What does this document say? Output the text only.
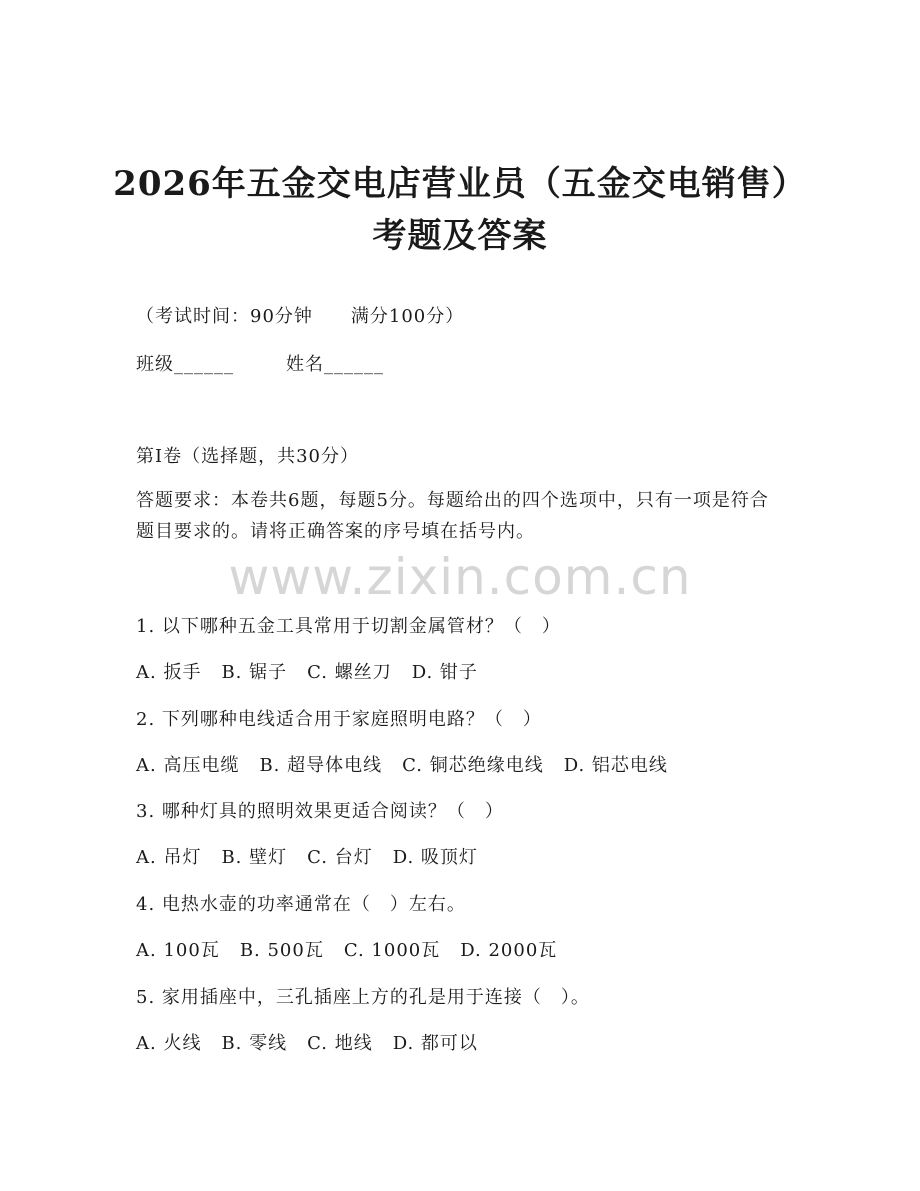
2026年五金交电店营业员（五金交电销售）
考题及答案
（考试时间：90分钟 满分100分）
班级______	姓名______
第I卷（选择题，共30分）
答题要求：本卷共6题，每题5分。每题给出的四个选项中，只有一项是符合题目要求的。请将正确答案的序号填在括号内。
www.zixin.com.cn
1. 以下哪种五金工具常用于切割金属管材？（　）
A. 扳手 B. 锯子 C. 螺丝刀 D. 钳子
2. 下列哪种电线适合用于家庭照明电路？（　）
A. 高压电缆 B. 超导体电线 C. 铜芯绝缘电线 D. 铝芯电线
3. 哪种灯具的照明效果更适合阅读？（　）
A. 吊灯 B. 壁灯 C. 台灯 D. 吸顶灯
4. 电热水壶的功率通常在（　）左右。
A. 100瓦 B. 500瓦 C. 1000瓦 D. 2000瓦
5. 家用插座中，三孔插座上方的孔是用于连接（　）。
A. 火线 B. 零线 C. 地线 D. 都可以
